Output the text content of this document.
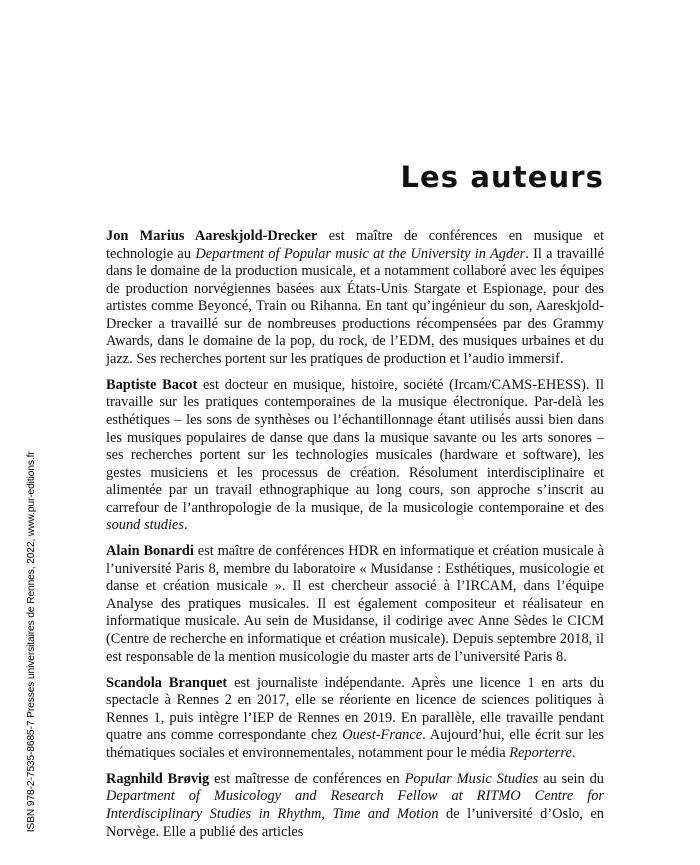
ISBN 978-2-7535-8685-7 Presses universitaires de Rennes, 2022, www.pur-editions.fr
Les auteurs

Jon Marius Aareskjold-Drecker est maître de conférences en musique et technologie au Department of Popular music at the University in Agder. Il a travaillé dans le domaine de la production musicale, et a notamment collaboré avec les équipes de production norvégiennes basées aux États-Unis Stargate et Espionage, pour des artistes comme Beyoncé, Train ou Rihanna. En tant qu’ingénieur du son, Aareskjold-Drecker a travaillé sur de nombreuses productions récompensées par des Grammy Awards, dans le domaine de la pop, du rock, de l’EDM, des musiques urbaines et du jazz. Ses recherches portent sur les pratiques de production et l’audio immersif.

Baptiste Bacot est docteur en musique, histoire, société (Ircam/CAMS-EHESS). Il travaille sur les pratiques contemporaines de la musique électronique. Par-delà les esthétiques – les sons de synthèses ou l’échantillonnage étant utilisés aussi bien dans les musiques populaires de danse que dans la musique savante ou les arts sonores – ses recherches portent sur les technologies musicales (hardware et software), les gestes musiciens et les processus de création. Résolument interdisciplinaire et alimentée par un travail ethnographique au long cours, son approche s’inscrit au carrefour de l’anthropologie de la musique, de la musicologie contemporaine et des sound studies.

Alain Bonardi est maître de conférences HDR en informatique et création musicale à l’université Paris 8, membre du laboratoire « Musidanse : Esthétiques, musicologie et danse et création musicale ». Il est chercheur associé à l’IRCAM, dans l’équipe Analyse des pratiques musicales. Il est également compositeur et réalisateur en informatique musicale. Au sein de Musidanse, il codirige avec Anne Sèdes le CICM (Centre de recherche en informatique et création musicale). Depuis septembre 2018, il est responsable de la mention musicologie du master arts de l’université Paris 8.

Scandola Branquet est journaliste indépendante. Après une licence 1 en arts du spectacle à Rennes 2 en 2017, elle se réoriente en licence de sciences politiques à Rennes 1, puis intègre l’IEP de Rennes en 2019. En parallèle, elle travaille pendant quatre ans comme correspondante chez Ouest-France. Aujourd’hui, elle écrit sur les thématiques sociales et environnementales, notamment pour le média Reporterre.

Ragnhild Brøvig est maîtresse de conférences en Popular Music Studies au sein du Department of Musicology and Research Fellow at RITMO Centre for Interdisciplinary Studies in Rhythm, Time and Motion de l’université d’Oslo, en Norvège. Elle a publié des articles
